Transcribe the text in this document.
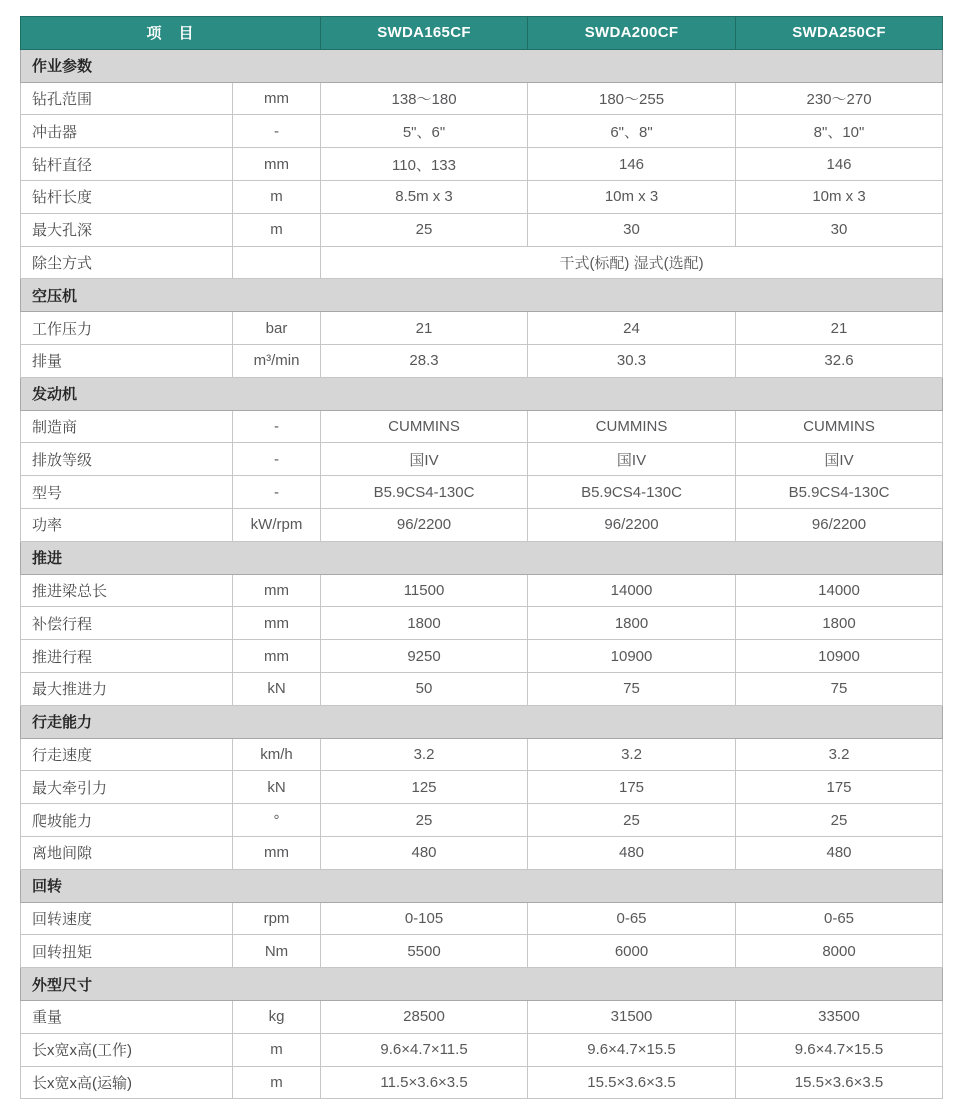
项　目		SWDA165CF	SWDA200CF	SWDA250CF
作业参数				
钻孔范围	mm	138～180	180～255	230～270
冲击器	-	5"、6"	6"、8"	8"、10"
钻杆直径	mm	110、133	146	146
钻杆长度	m	8.5m x 3	10m x 3	10m x 3
最大孔深	m	25	30	30
除尘方式		干式(标配) 湿式(选配)		
空压机				
工作压力	bar	21	24	21
排量	m³/min	28.3	30.3	32.6
发动机				
制造商	-	CUMMINS	CUMMINS	CUMMINS
排放等级	-	国IV	国IV	国IV
型号	-	B5.9CS4-130C	B5.9CS4-130C	B5.9CS4-130C
功率	kW/rpm	96/2200	96/2200	96/2200
推进				
推进梁总长	mm	11500	14000	14000
补偿行程	mm	1800	1800	1800
推进行程	mm	9250	10900	10900
最大推进力	kN	50	75	75
行走能力				
行走速度	km/h	3.2	3.2	3.2
最大牵引力	kN	125	175	175
爬坡能力	°	25	25	25
离地间隙	mm	480	480	480
回转				
回转速度	rpm	0-105	0-65	0-65
回转扭矩	Nm	5500	6000	8000
外型尺寸				
重量	kg	28500	31500	33500
长x宽x高(工作)	m	9.6×4.7×11.5	9.6×4.7×15.5	9.6×4.7×15.5
长x宽x高(运输)	m	11.5×3.6×3.5	15.5×3.6×3.5	15.5×3.6×3.5
